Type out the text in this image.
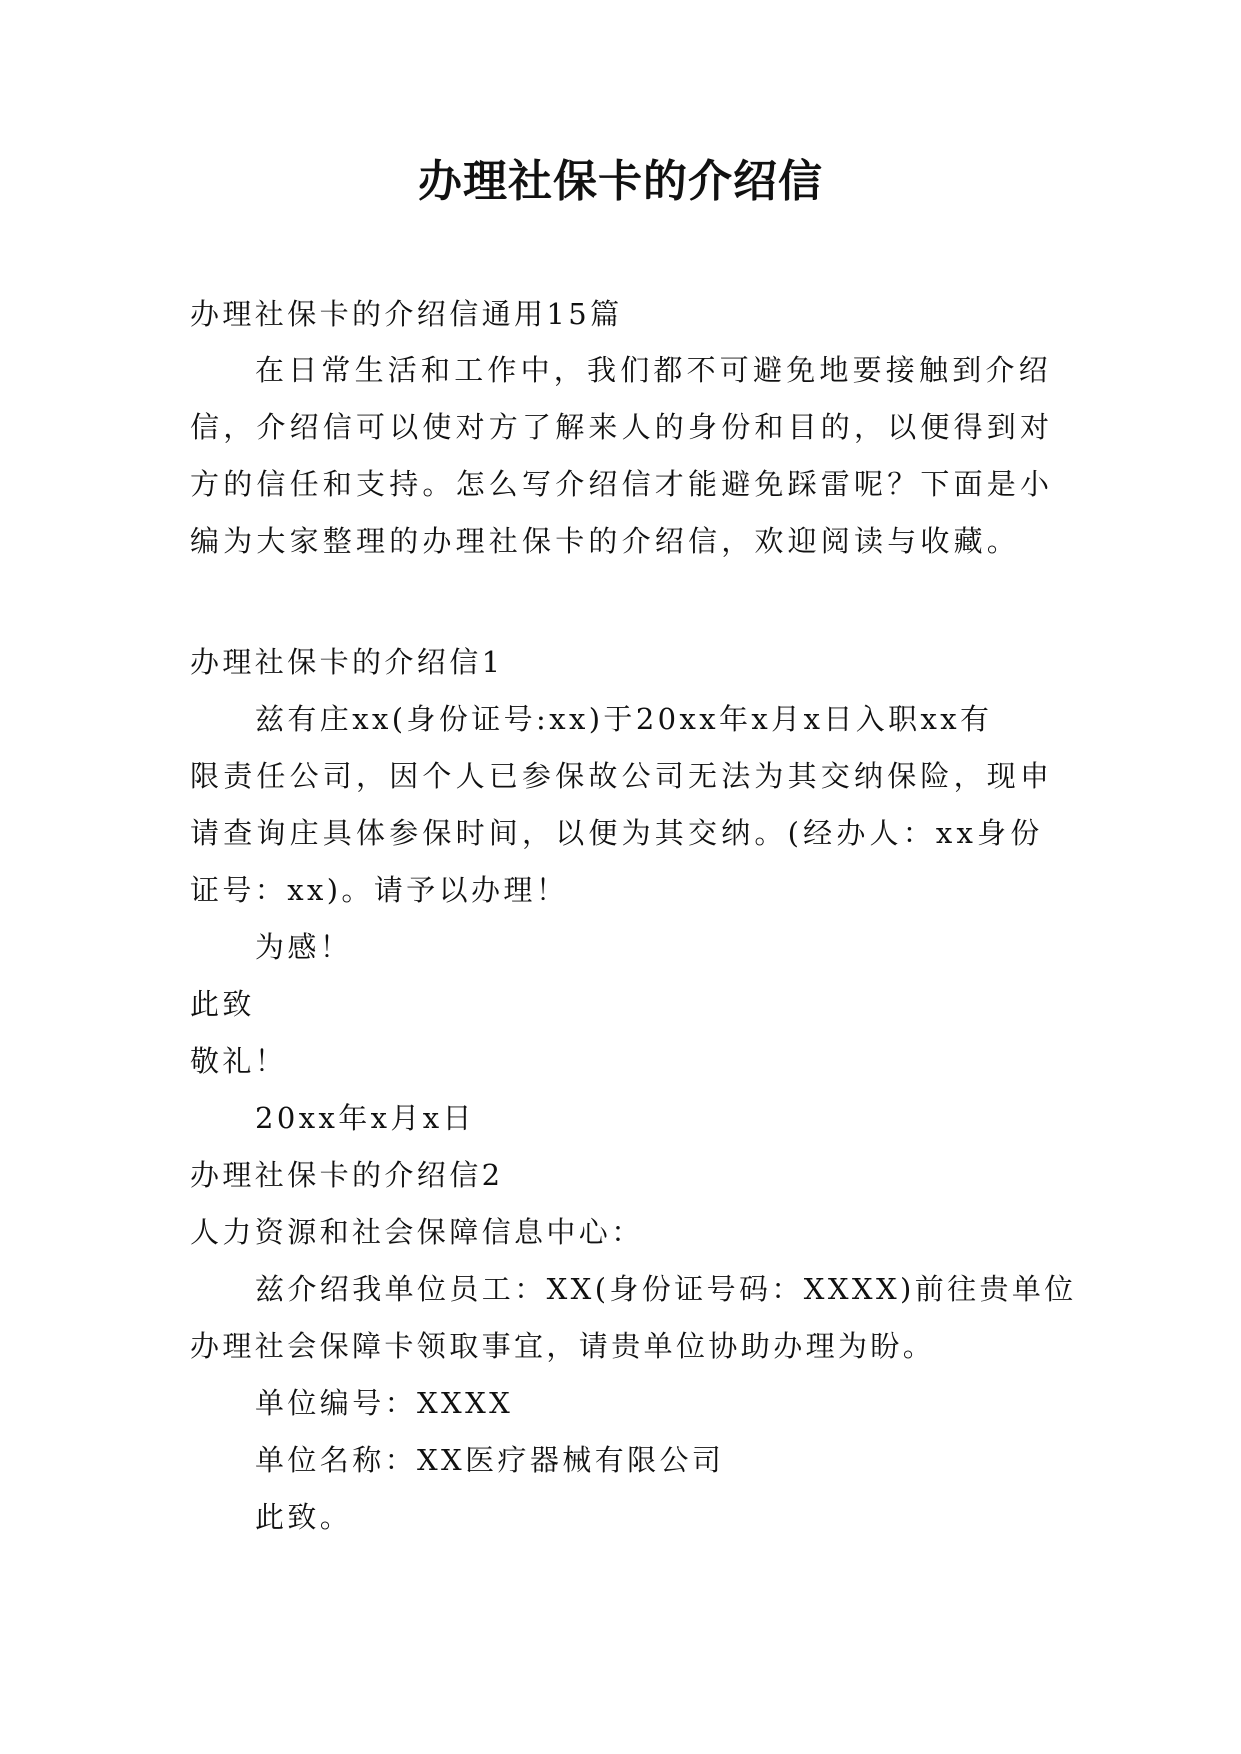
办理社保卡的介绍信
办理社保卡的介绍信通用15篇
在日常生活和工作中，我们都不可避免地要接触到介绍
信，介绍信可以使对方了解来人的身份和目的，以便得到对
方的信任和支持。怎么写介绍信才能避免踩雷呢？下面是小
编为大家整理的办理社保卡的介绍信，欢迎阅读与收藏。
办理社保卡的介绍信1
兹有庄xx(身份证号:xx)于20xx年x月x日入职xx有
限责任公司，因个人已参保故公司无法为其交纳保险，现申
请查询庄具体参保时间，以便为其交纳。(经办人：xx身份
证号：xx)。请予以办理！
为感！
此致
敬礼！
20xx年x月x日
办理社保卡的介绍信2
人力资源和社会保障信息中心：
兹介绍我单位员工：XX(身份证号码：XXXX)前往贵单位
办理社会保障卡领取事宜，请贵单位协助办理为盼。
单位编号：XXXX
单位名称：XX医疗器械有限公司
此致。
